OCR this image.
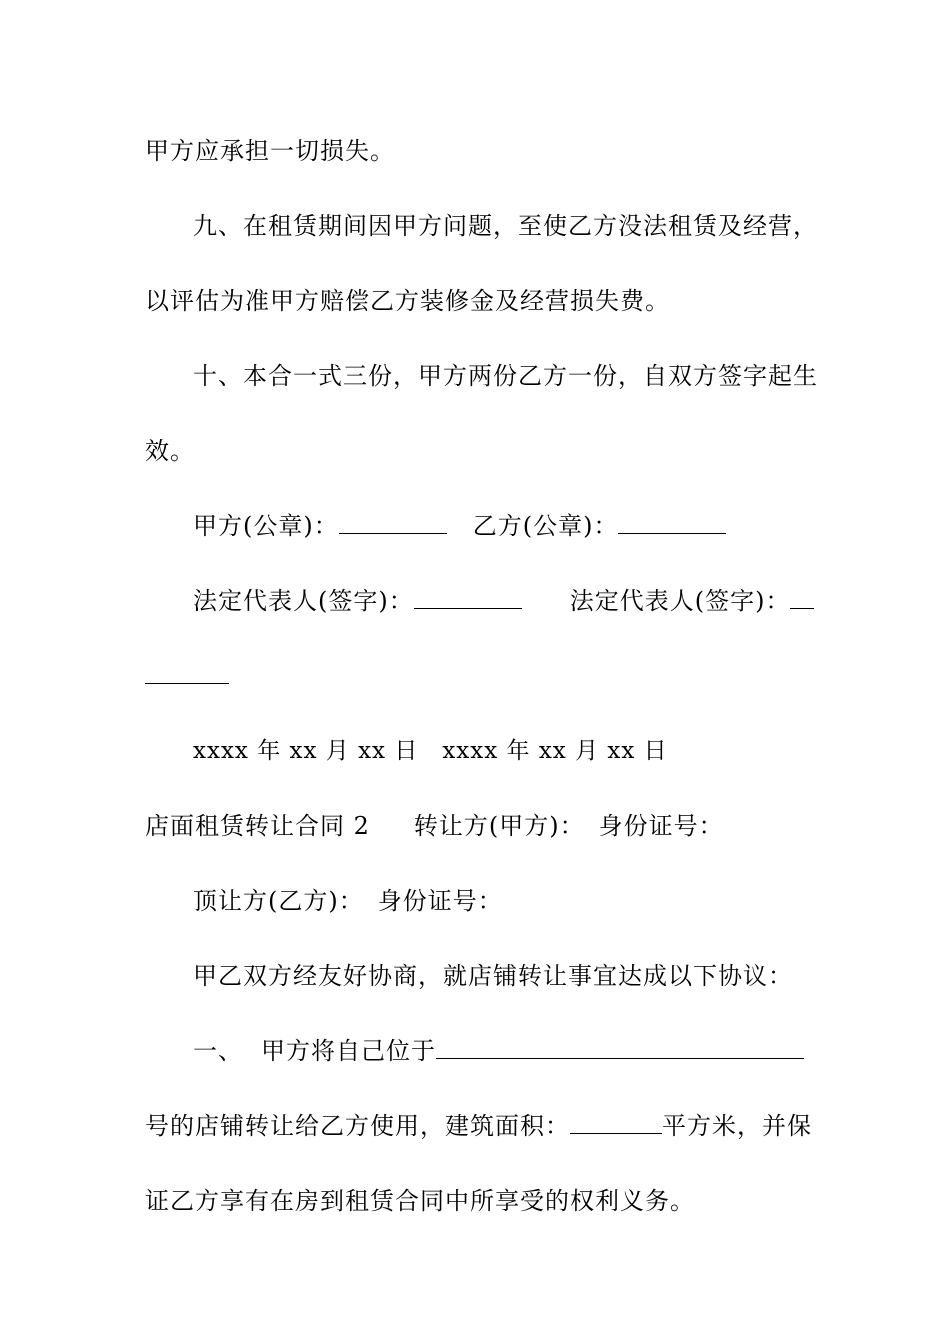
甲方应承担一切损失。
九、在租赁期间因甲方问题，至使乙方没法租赁及经营，
以评估为准甲方赔偿乙方装修金及经营损失费。
十、本合一式三份，甲方两份乙方一份，自双方签字起生
效。
甲方(公章)：	乙方(公章)：
法定代表人(签字)：	法定代表人(签字)：
xxxx 年 xx 月 xx 日　xxxx 年 xx 月 xx 日
店面租赁转让合同 2 转让方(甲方)： 身份证号：
顶让方(乙方)： 身份证号：
甲乙双方经友好协商，就店铺转让事宜达成以下协议：
一、 甲方将自己位于
号的店铺转让给乙方使用，建筑面积：	平方米，并保
证乙方享有在房到租赁合同中所享受的权利义务。
